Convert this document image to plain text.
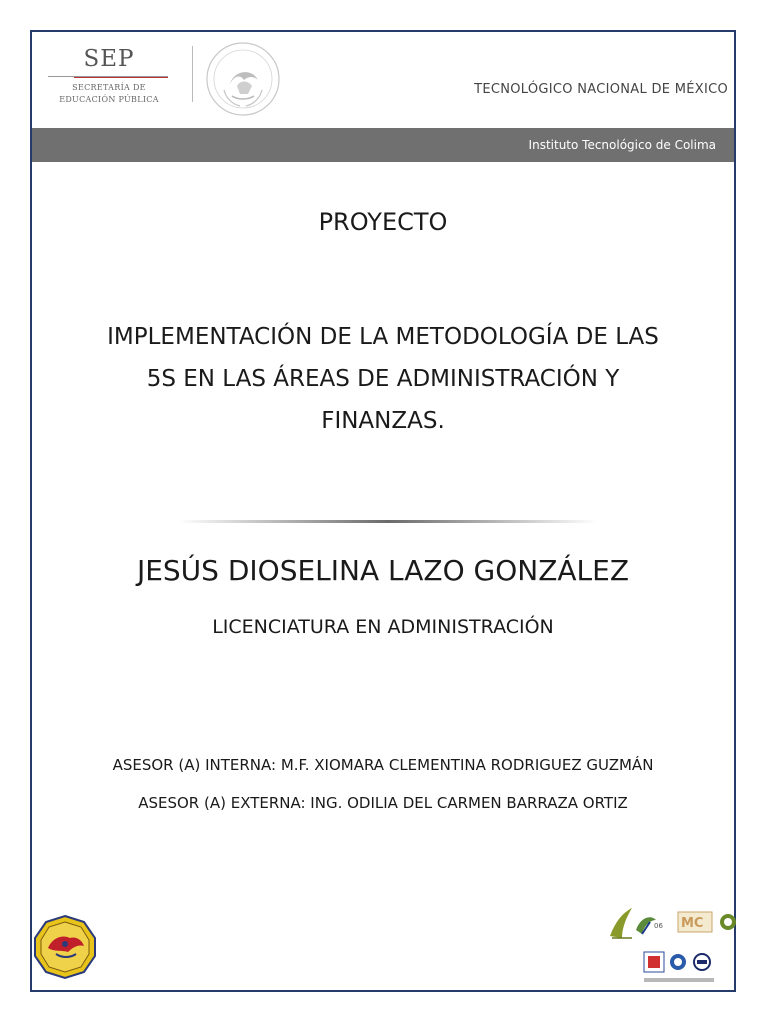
SEP
SECRETARÍA DE
EDUCACIÓN PÚBLICA
TECNOLÓGICO NACIONAL DE MÉXICO
Instituto Tecnológico de Colima
PROYECTO
IMPLEMENTACIÓN DE LA METODOLOGÍA DE LAS
5S EN LAS ÁREAS DE ADMINISTRACIÓN Y
FINANZAS.
JESÚS DIOSELINA LAZO GONZÁLEZ
LICENCIATURA EN ADMINISTRACIÓN
ASESOR (A) INTERNA: M.F. XIOMARA CLEMENTINA RODRIGUEZ GUZMÁN
ASESOR (A) EXTERNA: ING. ODILIA DEL CARMEN BARRAZA ORTIZ
06 MC
